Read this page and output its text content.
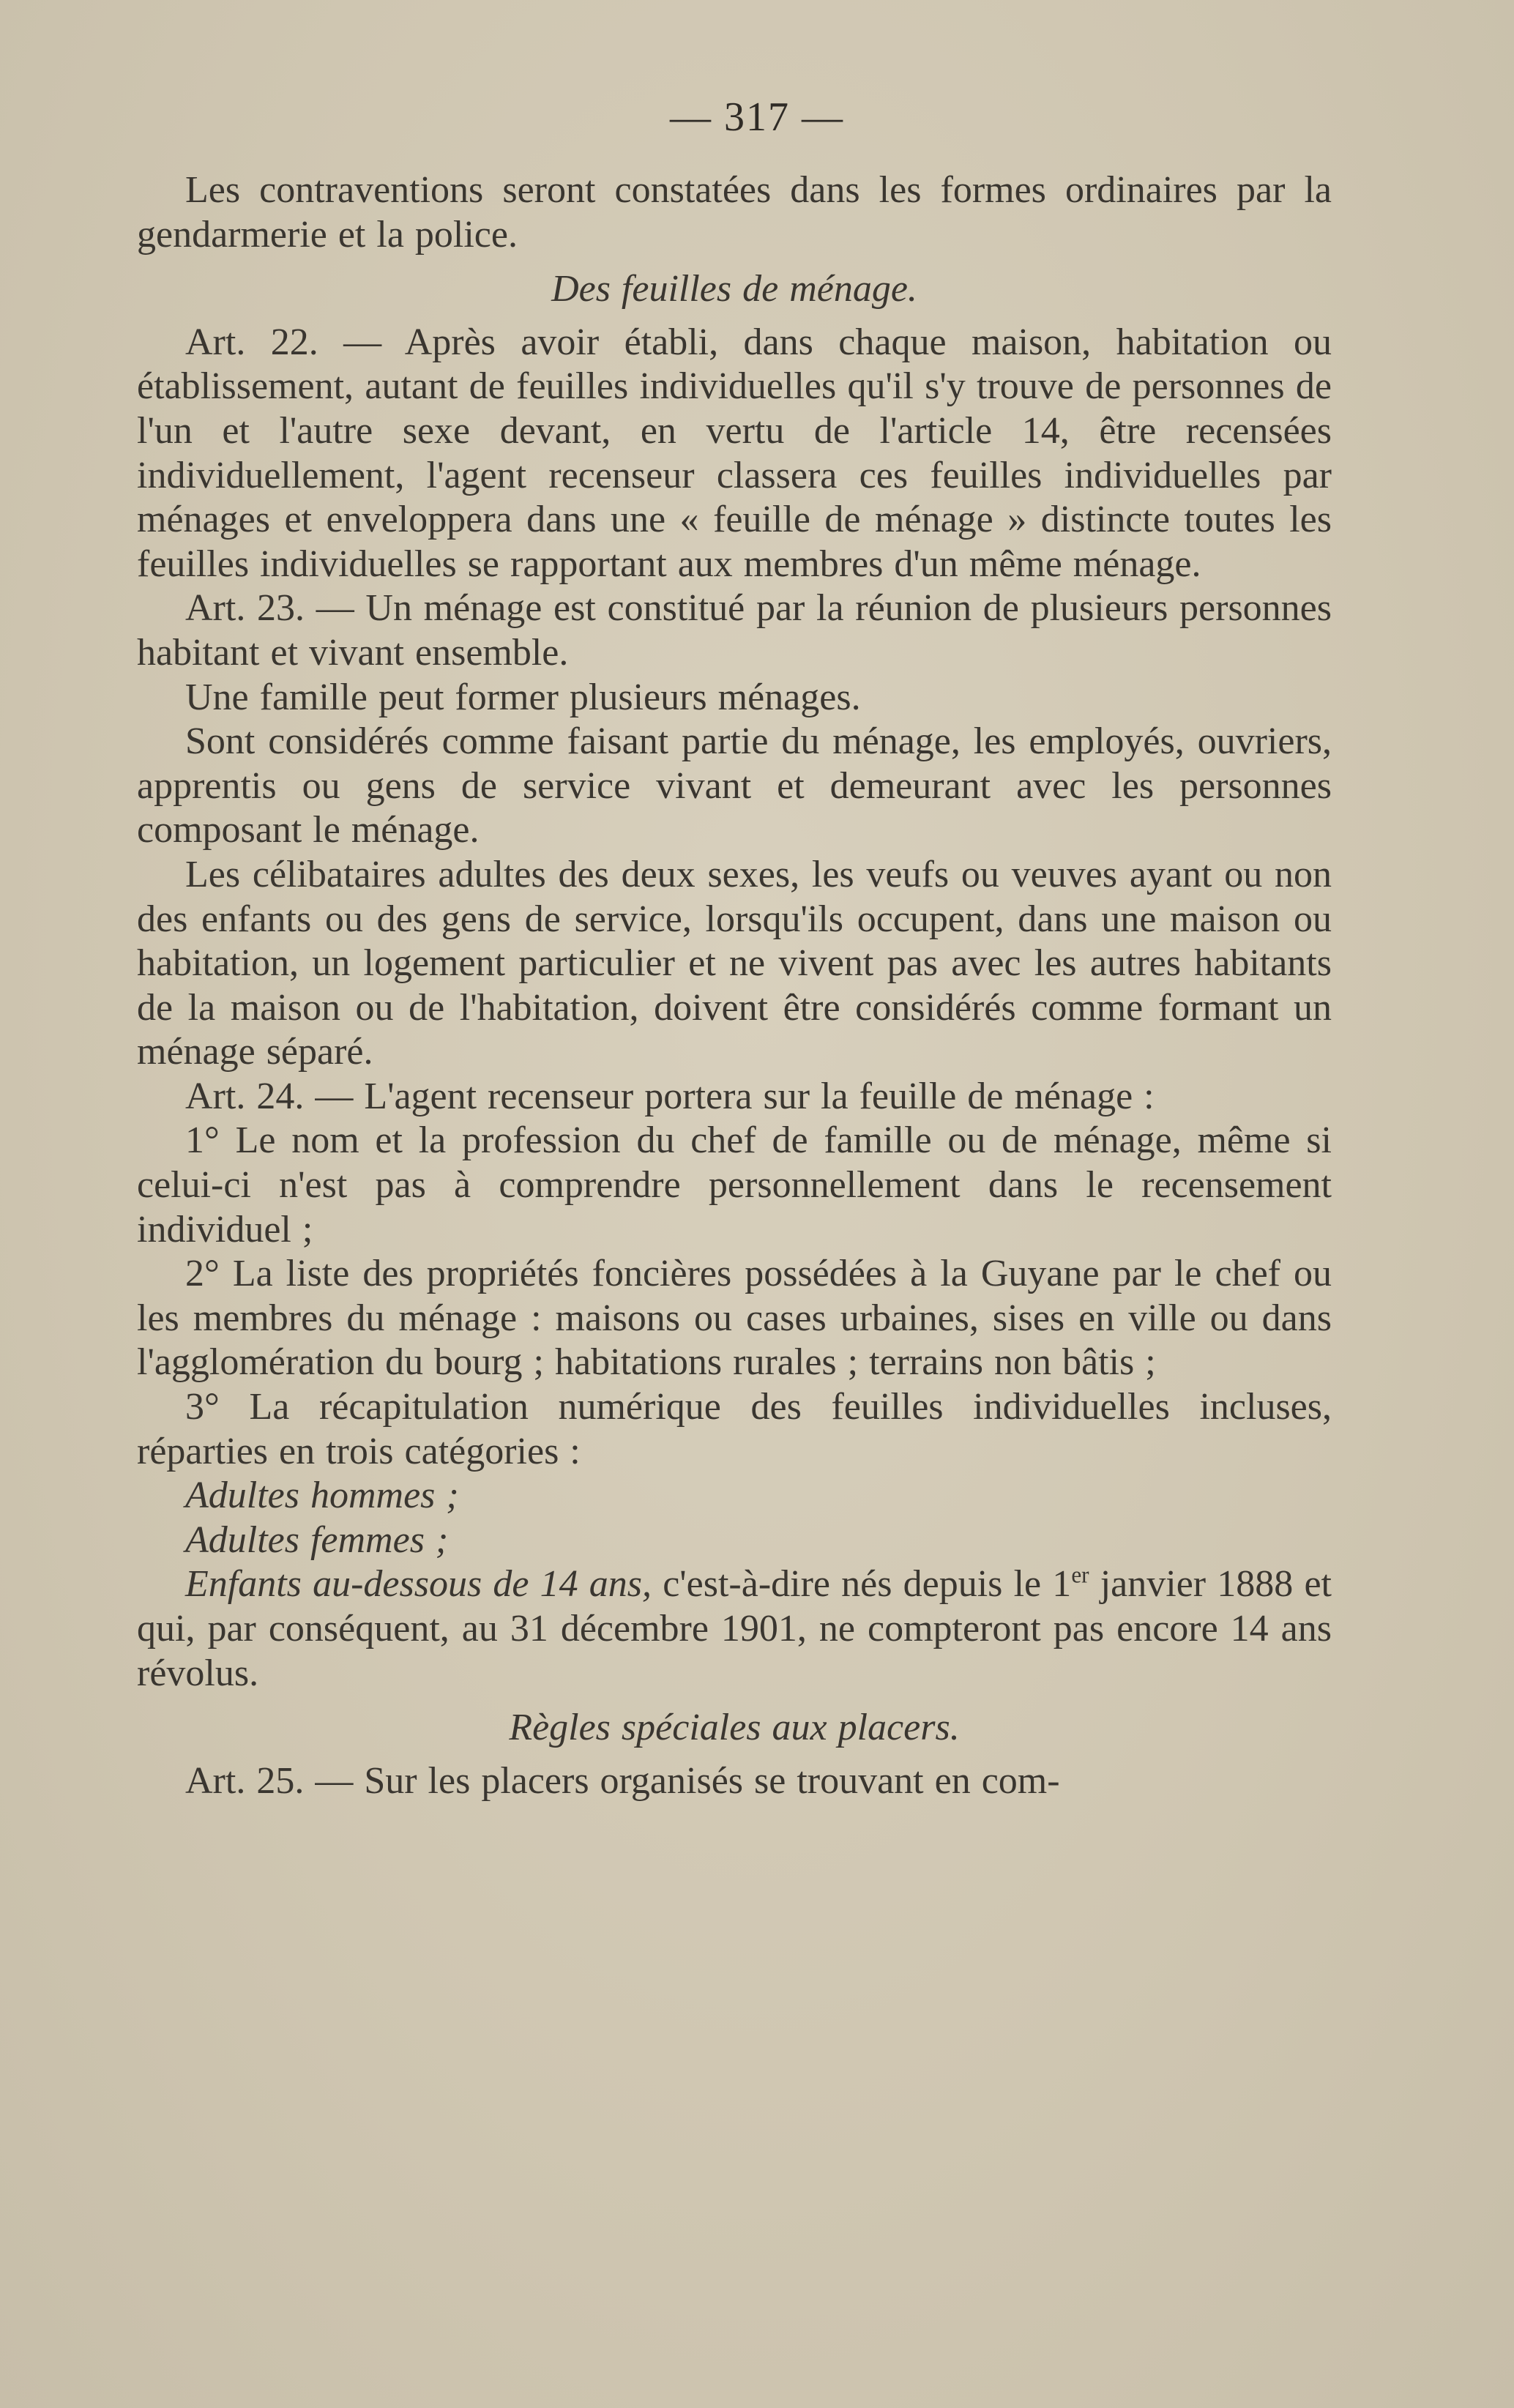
— 317 —

Les contraventions seront constatées dans les formes ordinaires par la gendarmerie et la police.

Des feuilles de ménage.

Art. 22. — Après avoir établi, dans chaque maison, habitation ou établissement, autant de feuilles individuelles qu'il s'y trouve de personnes de l'un et l'autre sexe devant, en vertu de l'article 14, être recensées individuellement, l'agent recenseur classera ces feuilles individuelles par ménages et enveloppera dans une « feuille de ménage » distincte toutes les feuilles individuelles se rapportant aux membres d'un même ménage.

Art. 23. — Un ménage est constitué par la réunion de plusieurs personnes habitant et vivant ensemble.

Une famille peut former plusieurs ménages.

Sont considérés comme faisant partie du ménage, les employés, ouvriers, apprentis ou gens de service vivant et demeurant avec les personnes composant le ménage.

Les célibataires adultes des deux sexes, les veufs ou veuves ayant ou non des enfants ou des gens de service, lorsqu'ils occupent, dans une maison ou habitation, un logement particulier et ne vivent pas avec les autres habitants de la maison ou de l'habitation, doivent être considérés comme formant un ménage séparé.

Art. 24. — L'agent recenseur portera sur la feuille de ménage :

1° Le nom et la profession du chef de famille ou de ménage, même si celui-ci n'est pas à comprendre personnellement dans le recensement individuel ;

2° La liste des propriétés foncières possédées à la Guyane par le chef ou les membres du ménage : maisons ou cases urbaines, sises en ville ou dans l'agglomération du bourg ; habitations rurales ; terrains non bâtis ;

3° La récapitulation numérique des feuilles individuelles incluses, réparties en trois catégories :

Adultes hommes ;

Adultes femmes ;

Enfants au-dessous de 14 ans, c'est-à-dire nés depuis le 1er janvier 1888 et qui, par conséquent, au 31 décembre 1901, ne compteront pas encore 14 ans révolus.

Règles spéciales aux placers.

Art. 25. — Sur les placers organisés se trouvant en com-
